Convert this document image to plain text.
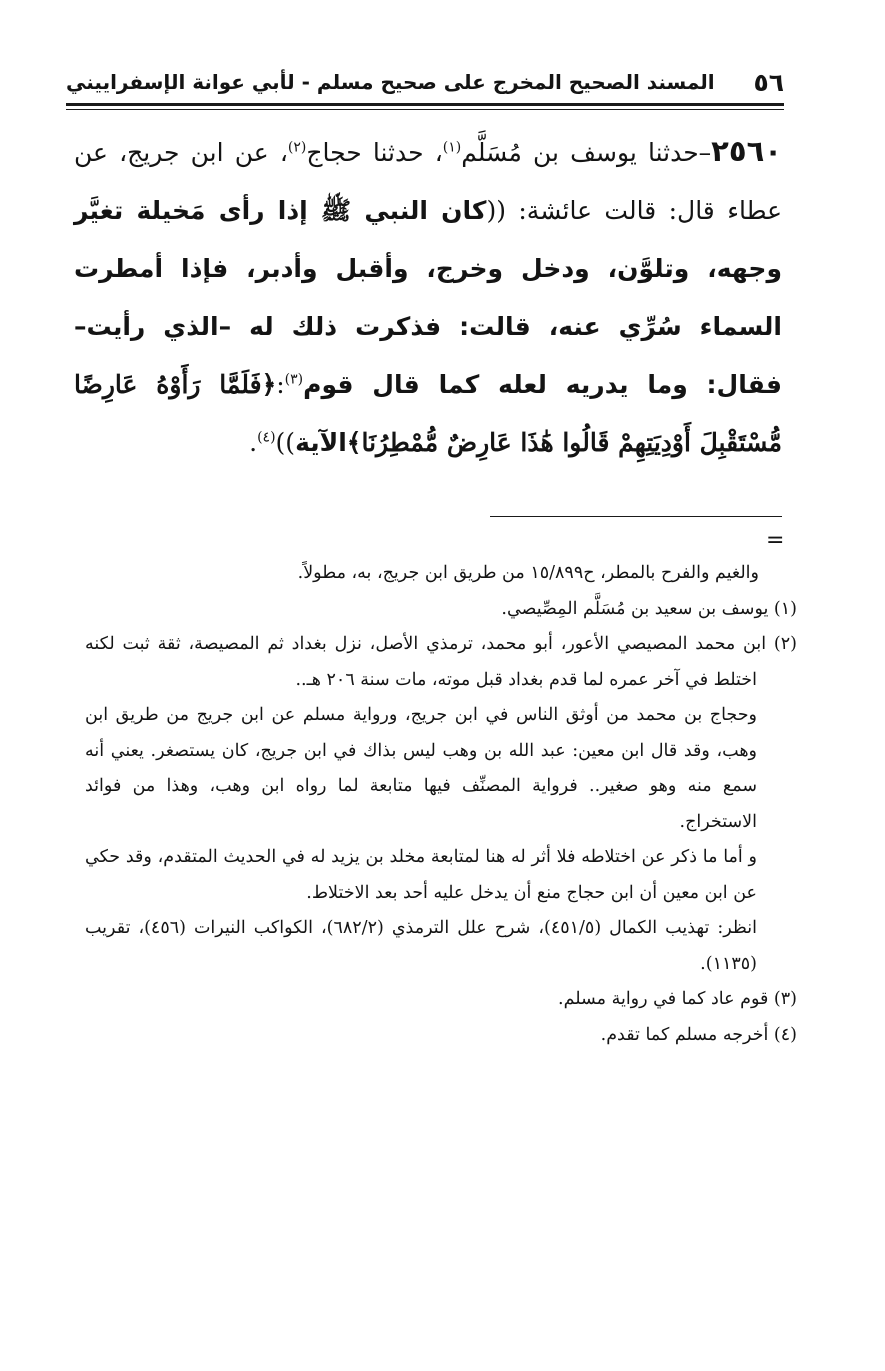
٥٦
المسند الصحيح المخرج على صحيح مسلم - لأبي عوانة الإسفراييني

٢٥٦٠–حدثنا يوسف بن مُسَلَّم$^{(١)}$، حدثنا حجاج$^{(٢)}$، عن ابن جريج، عن عطاء قال: قالت عائشة: ((كان النبي ﷺ إذا رأى مَخيلة تغيَّر وجهه، وتلوَّن، ودخل وخرج، وأقبل وأدبر، فإذا أمطرت السماء سُرِّي عنه، قالت: فذكرت ذلك له –الذي رأيت– فقال: وما يدريه لعله كما قال قوم$^{(٣)}$:﴿فَلَمَّا رَأَوْهُ عَارِضًا مُّسْتَقْبِلَ أَوْدِيَتِهِمْ قَالُوا هَٰذَا عَارِضٌ مُّمْطِرُنَا﴾الآية))$^{(٤)}$.

=

والغيم والفرح بالمطر، ح١٥/٨٩٩ من طريق ابن جريج، به، مطولاً.

(١) يوسف بن سعيد بن مُسَلَّم المِصِّيصي.

(٢) ابن محمد المصيصي الأعور، أبو محمد، ترمذي الأصل، نزل بغداد ثم المصيصة، ثقة ثبت لكنه اختلط في آخر عمره لما قدم بغداد قبل موته، مات سنة ٢٠٦ هـ..

وحجاج بن محمد من أوثق الناس في ابن جريج، ورواية مسلم عن ابن جريج من طريق ابن وهب، وقد قال ابن معين: عبد الله بن وهب ليس بذاك في ابن جريج، كان يستصغر. يعني أنه سمع منه وهو صغير.. فرواية المصنِّف فيها متابعة لما رواه ابن وهب، وهذا من فوائد الاستخراج.

و أما ما ذكر عن اختلاطه فلا أثر له هنا لمتابعة مخلد بن يزيد له في الحديث المتقدم، وقد حكي عن ابن معين أن ابن حجاج منع أن يدخل عليه أحد بعد الاختلاط.

انظر: تهذيب الكمال (٤٥١/٥)، شرح علل الترمذي (٦٨٢/٢)، الكواكب النيرات (٤٥٦)، تقريب (١١٣٥).

(٣) قوم عاد كما في رواية مسلم.

(٤) أخرجه مسلم كما تقدم.
